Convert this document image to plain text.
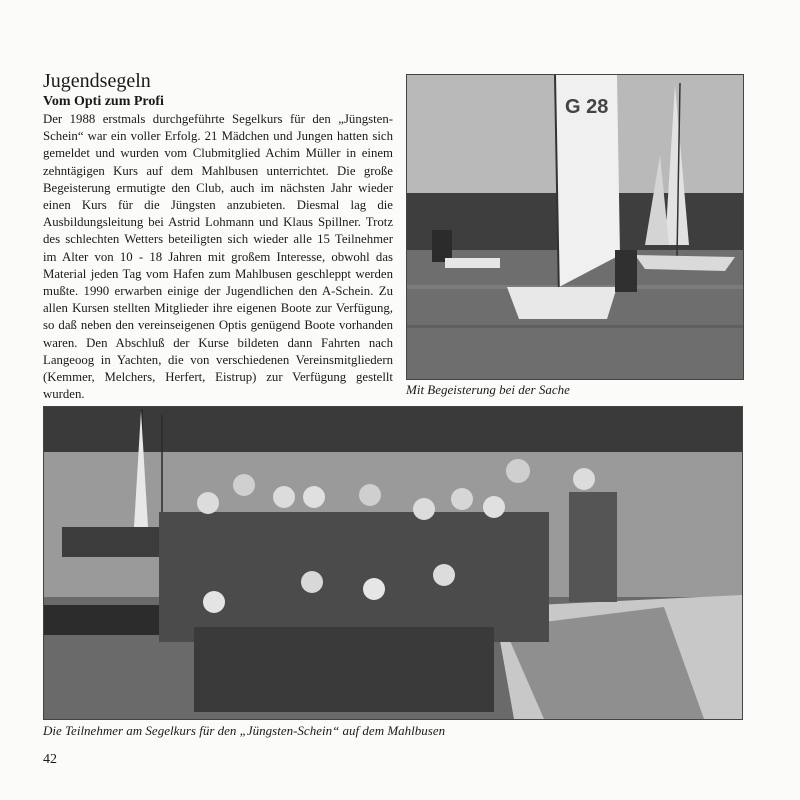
Jugendsegeln
Vom Opti zum Profi

Der 1988 erstmals durchgeführte Segelkurs für den „Jüngsten-Schein“ war ein voller Erfolg. 21 Mädchen und Jungen hatten sich gemeldet und wurden vom Clubmitglied Achim Müller in einem zehntägigen Kurs auf dem Mahlbusen unterrichtet. Die große Begeisterung ermutigte den Club, auch im nächsten Jahr wieder einen Kurs für die Jüngsten anzubieten. Diesmal lag die Ausbildungsleitung bei Astrid Lohmann und Klaus Spillner. Trotz des schlechten Wetters beteiligten sich wieder alle 15 Teilnehmer im Alter von 10 - 18 Jahren mit großem Interesse, obwohl das Material jeden Tag vom Hafen zum Mahlbusen geschleppt werden mußte. 1990 erwarben einige der Jugendlichen den A-Schein. Zu allen Kursen stellten Mitglieder ihre eigenen Boote zur Verfügung, so daß neben den vereinseigenen Optis genügend Boote vorhanden waren. Den Abschluß der Kurse bildeten dann Fahrten nach Langeoog in Yachten, die von verschiedenen Vereinsmitgliedern (Kemmer, Melchers, Herfert, Eistrup) zur Verfügung gestellt wurden.

G 28

Mit Begeisterung bei der Sache

Die Teilnehmer am Segelkurs für den „Jüngsten-Schein“ auf dem Mahlbusen

42
